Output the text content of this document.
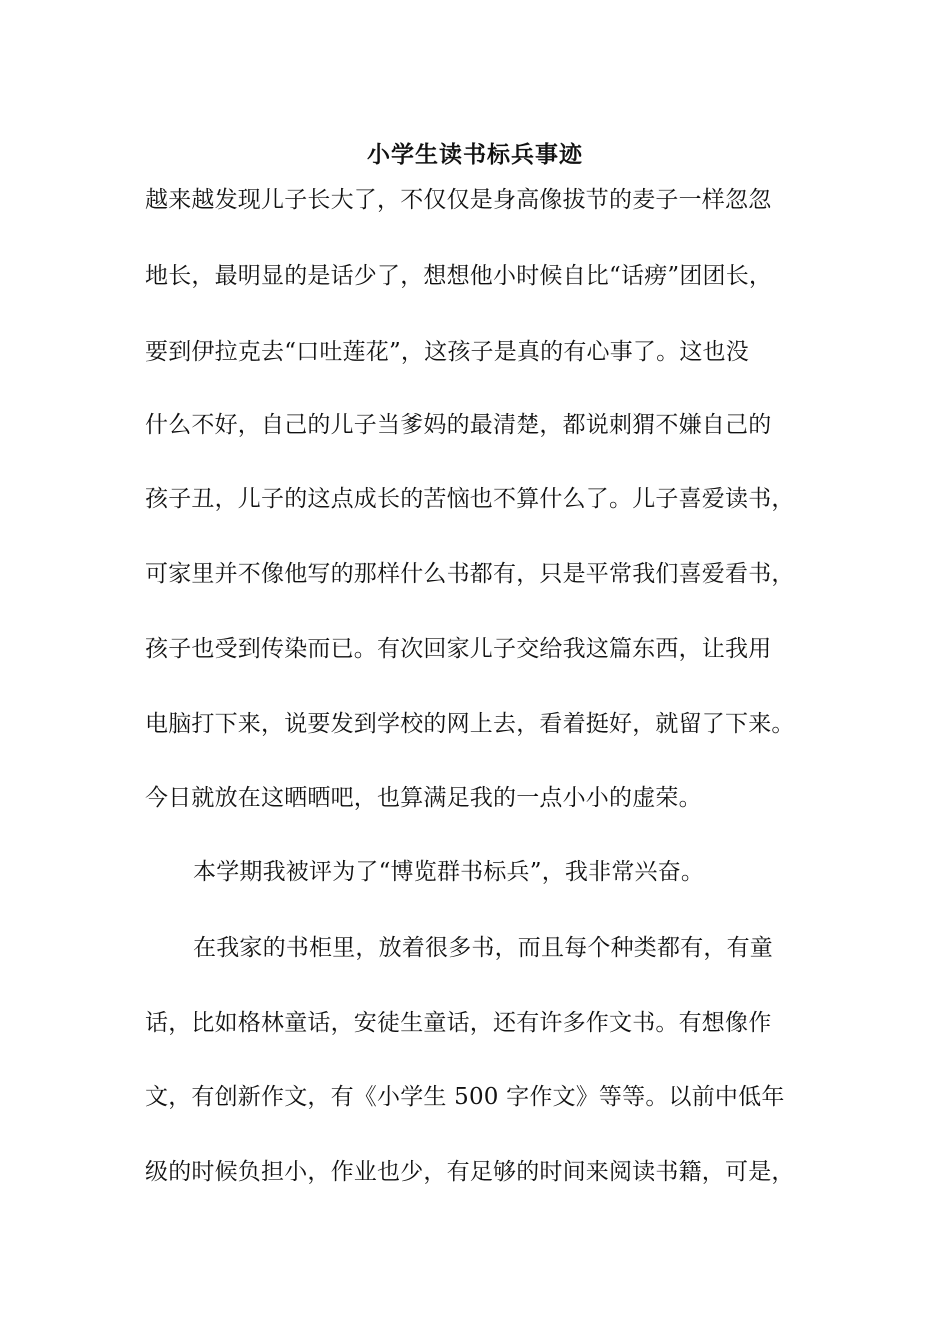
小学生读书标兵事迹
越来越发现儿子长大了，不仅仅是身高像拔节的麦子一样忽忽
地长，最明显的是话少了，想想他小时候自比“话痨”团团长，
要到伊拉克去“口吐莲花”，这孩子是真的有心事了。这也没
什么不好，自己的儿子当爹妈的最清楚，都说刺猬不嫌自己的
孩子丑，儿子的这点成长的苦恼也不算什么了。儿子喜爱读书，
可家里并不像他写的那样什么书都有，只是平常我们喜爱看书，
孩子也受到传染而已。有次回家儿子交给我这篇东西，让我用
电脑打下来，说要发到学校的网上去，看着挺好，就留了下来。
今日就放在这晒晒吧，也算满足我的一点小小的虚荣。
本学期我被评为了“博览群书标兵”，我非常兴奋。
在我家的书柜里，放着很多书，而且每个种类都有，有童
话，比如格林童话，安徒生童话，还有许多作文书。有想像作
文，有创新作文，有《小学生 500 字作文》等等。以前中低年
级的时候负担小，作业也少，有足够的时间来阅读书籍，可是，
